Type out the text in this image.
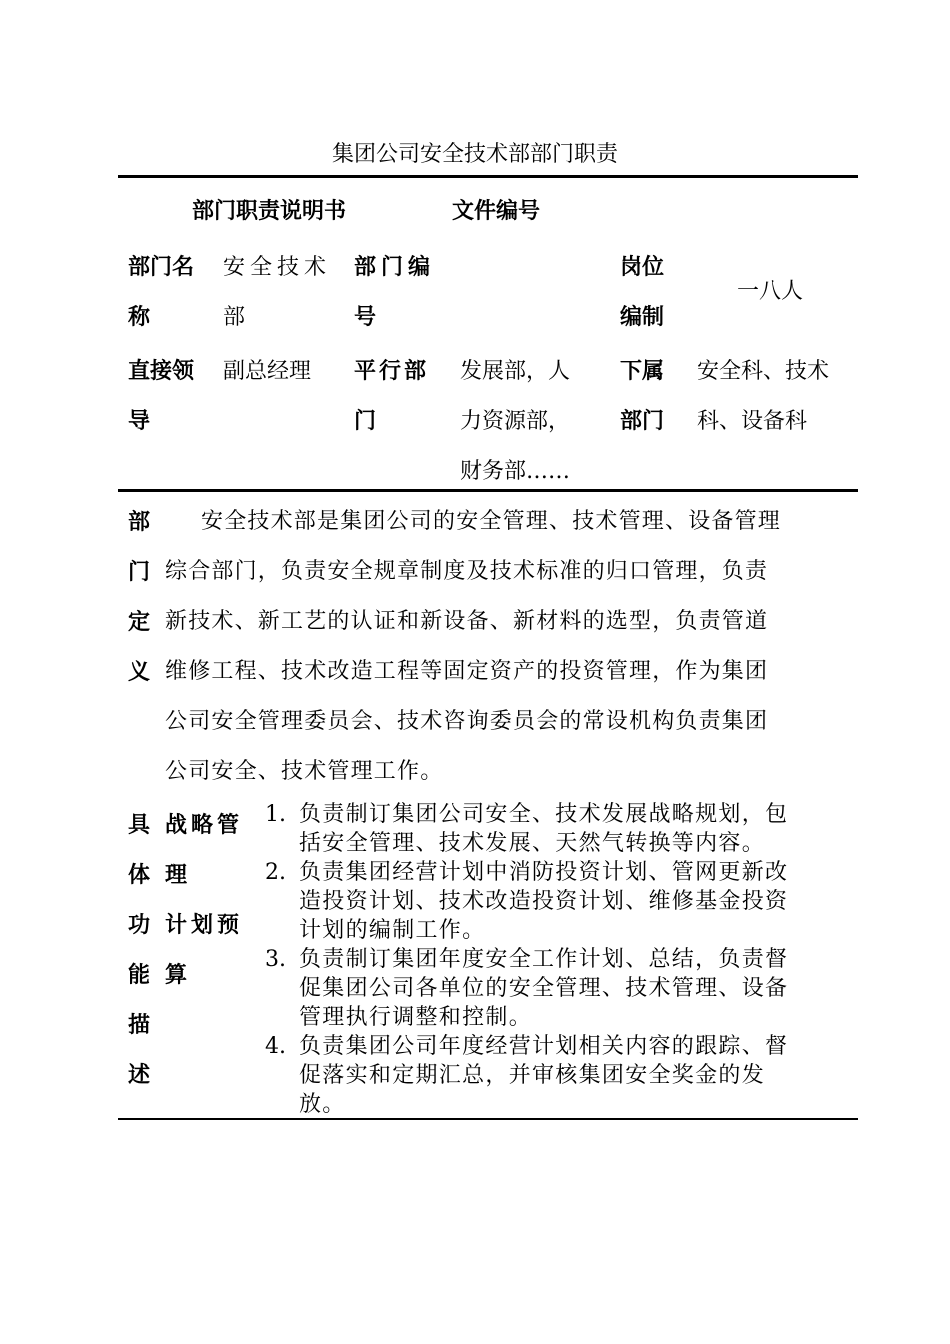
集团公司安全技术部部门职责
部门职责说明书	文件编号
部门名
称
安全技术
部
部门编
号
岗位
编制
一八人
直接领
导
副总经理 平行部
门
发展部，人
力资源部，
财务部……
下属
部门
安全科、技术
科、设备科
部
门
定
义
安全技术部是集团公司的安全管理、技术管理、设备管理
综合部门，负责安全规章制度及技术标准的归口管理，负责
新技术、新工艺的认证和新设备、新材料的选型，负责管道
维修工程、技术改造工程等固定资产的投资管理，作为集团
公司安全管理委员会、技术咨询委员会的常设机构负责集团
公司安全、技术管理工作。
具
体
功
能
描
述
战略管
理
计划预
算
1. 负责制订集团公司安全、技术发展战略规划，包
括安全管理、技术发展、天然气转换等内容。
2. 负责集团经营计划中消防投资计划、管网更新改
造投资计划、技术改造投资计划、维修基金投资
计划的编制工作。
3. 负责制订集团年度安全工作计划、总结，负责督
促集团公司各单位的安全管理、技术管理、设备
管理执行调整和控制。
4. 负责集团公司年度经营计划相关内容的跟踪、督
促落实和定期汇总，并审核集团安全奖金的发
放。
